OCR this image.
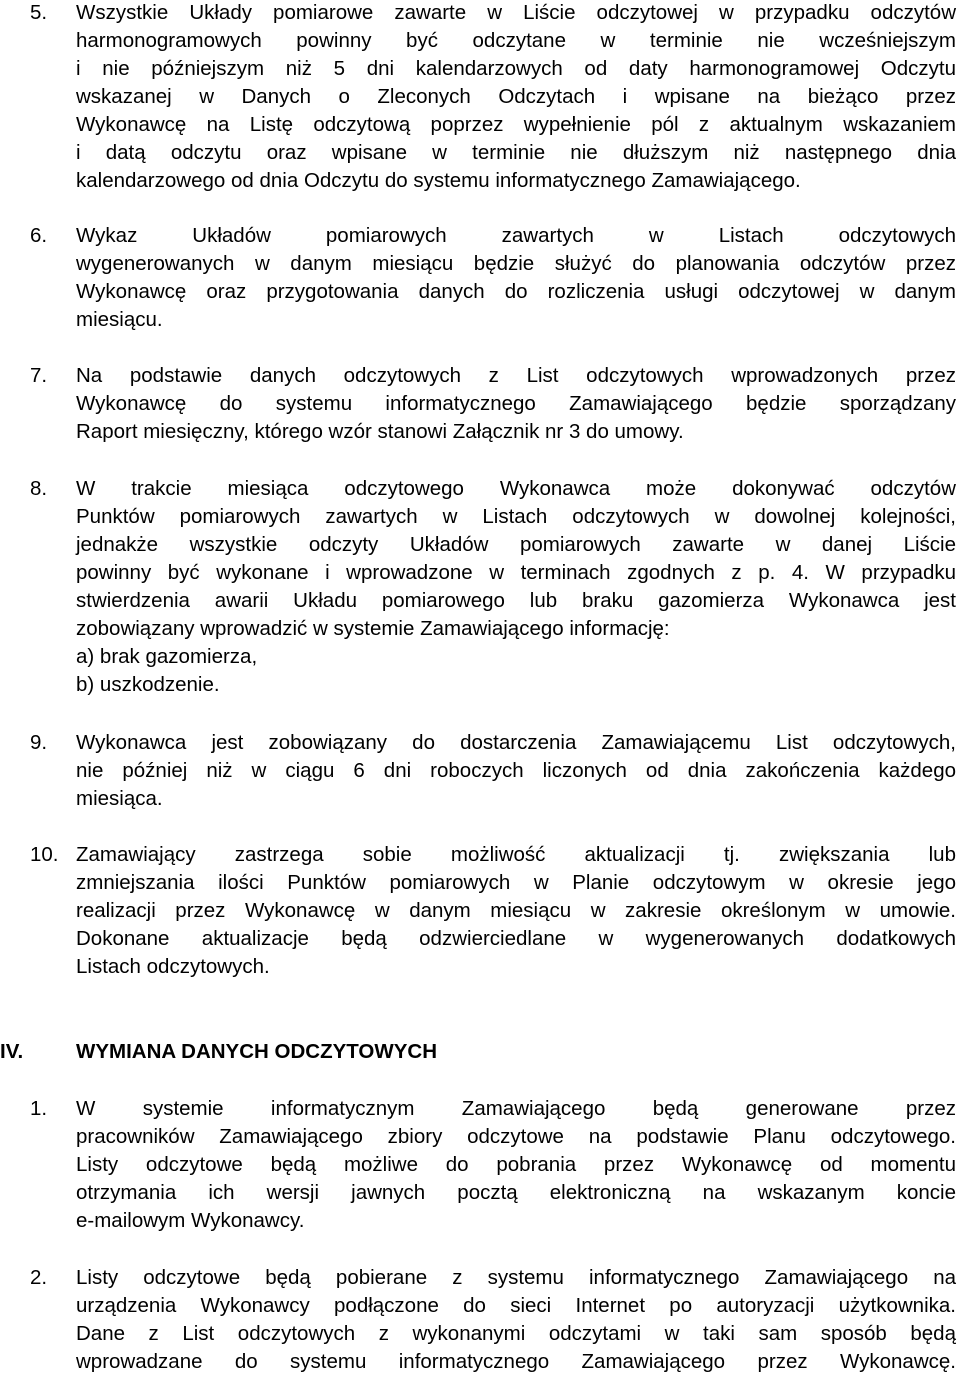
5. Wszystkie Układy pomiarowe zawarte w Liście odczytowej w przypadku odczytów
harmonogramowych powinny być odczytane w terminie nie wcześniejszym
i nie późniejszym niż 5 dni kalendarzowych od daty harmonogramowej Odczytu
wskazanej w Danych o Zleconych Odczytach i wpisane na bieżąco przez
Wykonawcę na Listę odczytową poprzez wypełnienie pól z aktualnym wskazaniem
i datą odczytu oraz wpisane w terminie nie dłuższym niż następnego dnia
kalendarzowego od dnia Odczytu do systemu informatycznego Zamawiającego.
6. Wykaz Układów pomiarowych zawartych w Listach odczytowych
wygenerowanych w danym miesiącu będzie służyć do planowania odczytów przez
Wykonawcę oraz przygotowania danych do rozliczenia usługi odczytowej w danym
miesiącu.
7. Na podstawie danych odczytowych z List odczytowych wprowadzonych przez
Wykonawcę do systemu informatycznego Zamawiającego będzie sporządzany
Raport miesięczny, którego wzór stanowi Załącznik nr 3 do umowy.
8. W trakcie miesiąca odczytowego Wykonawca może dokonywać odczytów
Punktów pomiarowych zawartych w Listach odczytowych w dowolnej kolejności,
jednakże wszystkie odczyty Układów pomiarowych zawarte w danej Liście
powinny być wykonane i wprowadzone w terminach zgodnych z p. 4. W przypadku
stwierdzenia awarii Układu pomiarowego lub braku gazomierza Wykonawca jest
zobowiązany wprowadzić w systemie Zamawiającego informację:
a) brak gazomierza,
b) uszkodzenie.
9. Wykonawca jest zobowiązany do dostarczenia Zamawiającemu List odczytowych,
nie później niż w ciągu 6 dni roboczych liczonych od dnia zakończenia każdego
miesiąca.
10. Zamawiający zastrzega sobie możliwość aktualizacji tj. zwiększania lub
zmniejszania ilości Punktów pomiarowych w Planie odczytowym w okresie jego
realizacji przez Wykonawcę w danym miesiącu w zakresie określonym w umowie.
Dokonane aktualizacje będą odzwierciedlane w wygenerowanych dodatkowych
Listach odczytowych.
IV.	WYMIANA DANYCH ODCZYTOWYCH
1. W systemie informatycznym Zamawiającego będą generowane przez
pracowników Zamawiającego zbiory odczytowe na podstawie Planu odczytowego.
Listy odczytowe będą możliwe do pobrania przez Wykonawcę od momentu
otrzymania ich wersji jawnych pocztą elektroniczną na wskazanym koncie
e-mailowym Wykonawcy.
2. Listy odczytowe będą pobierane z systemu informatycznego Zamawiającego na
urządzenia Wykonawcy podłączone do sieci Internet po autoryzacji użytkownika.
Dane z List odczytowych z wykonanymi odczytami w taki sam sposób będą
wprowadzane do systemu informatycznego Zamawiającego przez Wykonawcę.
